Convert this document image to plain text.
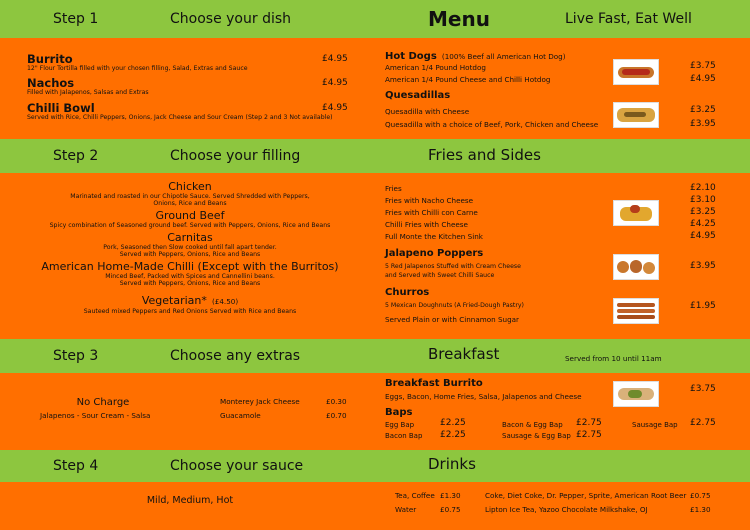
Step 1	Choose your dish	Menu	Live Fast, Eat Well
Burrito
12" Flour Tortilla filled with your chosen filling, Salad, Extras and Sauce
£4.95
Nachos
Filled with Jalapenos, Salsas and Extras
£4.95
Chilli Bowl
Served with Rice, Chilli Peppers, Onions, Jack Cheese and Sour Cream (Step 2 and 3 Not available)
£4.95
Hot Dogs (100% Beef all American Hot Dog)
American 1/4 Pound Hotdog	£3.75
American 1/4 Pound Cheese and Chilli Hotdog	£4.95
Quesadillas
Quesadilla with Cheese	£3.25
Quesadilla with a choice of Beef, Pork, Chicken and Cheese	£3.95
Step 2	Choose your filling	Fries and Sides
Chicken
Marinated and roasted in our Chipotle Sauce. Served Shredded with Peppers,
Onions, Rice and Beans
Ground Beef
Spicy combination of Seasoned ground beef. Served with Peppers, Onions, Rice and Beans
Carnitas
Pork, Seasoned then Slow cooked until fall apart tender.
Served with Peppers, Onions, Rice and Beans
American Home-Made Chilli (Except with the Burritos)
Minced Beef, Packed with Spices and Cannellini beans.
Served with Peppers, Onions, Rice and Beans
Vegetarian* (£4.50)
Sauteed mixed Peppers and Red Onions Served with Rice and Beans
Fries	£2.10
Fries with Nacho Cheese	£3.10
Fries with Chilli con Carne	£3.25
Chilli Fries with Cheese	£4.25
Full Monte the Kitchen Sink	£4.95
Jalapeno Poppers
5 Red Jalapenos Stuffed with Cream Cheese
and Served with Sweet Chilli Sauce
£3.95
Churros
5 Mexican Doughnuts (A Fried-Dough Pastry)
Served Plain or with Cinnamon Sugar
£1.95
Step 3	Choose any extras	Breakfast	Served from 10 until 11am
No Charge
Jalapenos - Sour Cream - Salsa
Monterey Jack Cheese	£0.30
Guacamole	£0.70
Breakfast Burrito
Eggs, Bacon, Home Fries, Salsa, Jalapenos and Cheese
£3.75
Baps
Egg Bap	£2.25
Bacon Bap £2.25
Bacon & Egg Bap £2.75
Sausage & Egg Bap £2.75
Sausage Bap £2.75
Step 4	Choose your sauce	Drinks
Mild, Medium, Hot	Tea, Coffee £1.30
Water	£0.75
Coke, Diet Coke, Dr. Pepper, Sprite, American Root Beer £0.75
Lipton Ice Tea, Yazoo Chocolate Milkshake, OJ	£1.30
